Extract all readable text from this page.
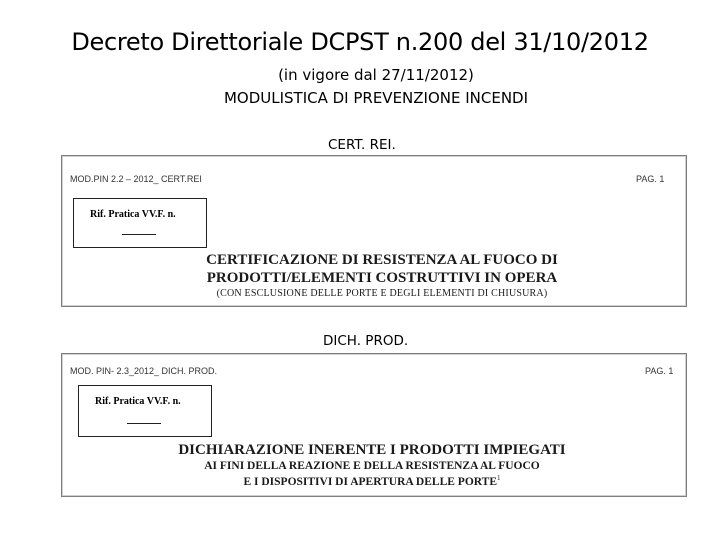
Decreto Direttoriale DCPST n.200 del 31/10/2012
(in vigore dal 27/11/2012)
MODULISTICA DI PREVENZIONE INCENDI
CERT. REI.
MOD.PIN 2.2 – 2012_ CERT.REI	PAG. 1
Rif. Pratica VV.F. n.
CERTIFICAZIONE DI RESISTENZA AL FUOCO DI
PRODOTTI/ELEMENTI COSTRUTTIVI IN OPERA
(CON ESCLUSIONE DELLE PORTE E DEGLI ELEMENTI DI CHIUSURA)
DICH. PROD.
MOD. PIN- 2.3_2012_ DICH. PROD.	PAG. 1
Rif. Pratica VV.F. n.
DICHIARAZIONE INERENTE I PRODOTTI IMPIEGATI
AI FINI DELLA REAZIONE E DELLA RESISTENZA AL FUOCO
E I DISPOSITIVI DI APERTURA DELLE PORTE$^1$
